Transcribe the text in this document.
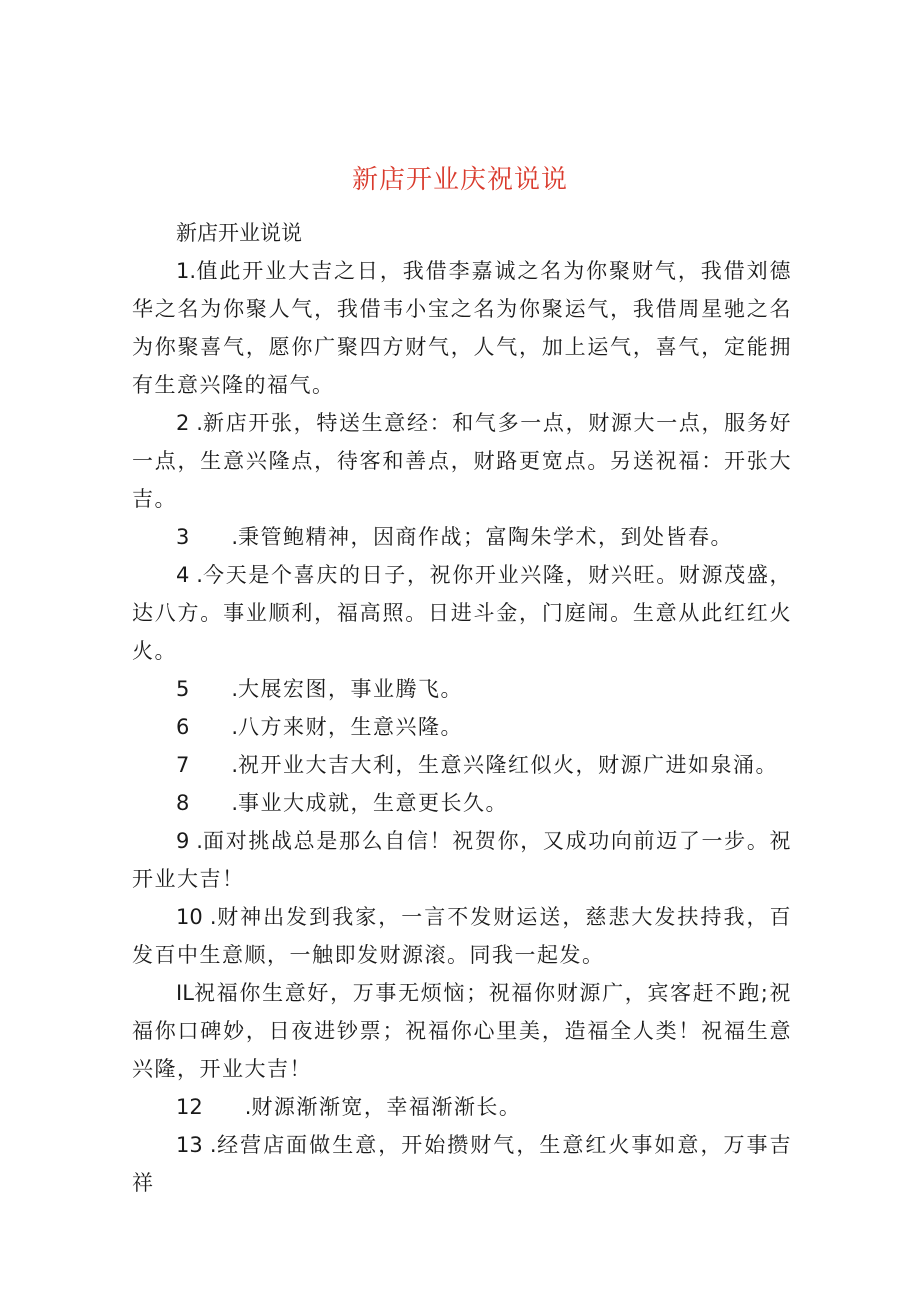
新店开业庆祝说说

新店开业说说

1.值此开业大吉之日，我借李嘉诚之名为你聚财气，我借刘德华之名为你聚人气，我借韦小宝之名为你聚运气，我借周星驰之名为你聚喜气，愿你广聚四方财气，人气，加上运气，喜气，定能拥有生意兴隆的福气。

2 .新店开张，特送生意经：和气多一点，财源大一点，服务好一点，生意兴隆点，待客和善点，财路更宽点。另送祝福：开张大吉。

3　　.秉管鲍精神，因商作战；富陶朱学术，到处皆春。

4 .今天是个喜庆的日子，祝你开业兴隆，财兴旺。财源茂盛，达八方。事业顺利，福高照。日进斗金，门庭闹。生意从此红红火火。

5　　.大展宏图，事业腾飞。

6　　.八方来财，生意兴隆。

7　　.祝开业大吉大利，生意兴隆红似火，财源广进如泉涌。

8　　.事业大成就，生意更长久。

9 .面对挑战总是那么自信！祝贺你，又成功向前迈了一步。祝开业大吉！

10 .财神出发到我家，一言不发财运送，慈悲大发扶持我，百发百中生意顺，一触即发财源滚。同我一起发。

IL祝福你生意好，万事无烦恼；祝福你财源广，宾客赶不跑;祝福你口碑妙，日夜进钞票；祝福你心里美，造福全人类！祝福生意兴隆，开业大吉！

12　　.财源渐渐宽，幸福渐渐长。

13 .经营店面做生意，开始攒财气，生意红火事如意，万事吉祥
